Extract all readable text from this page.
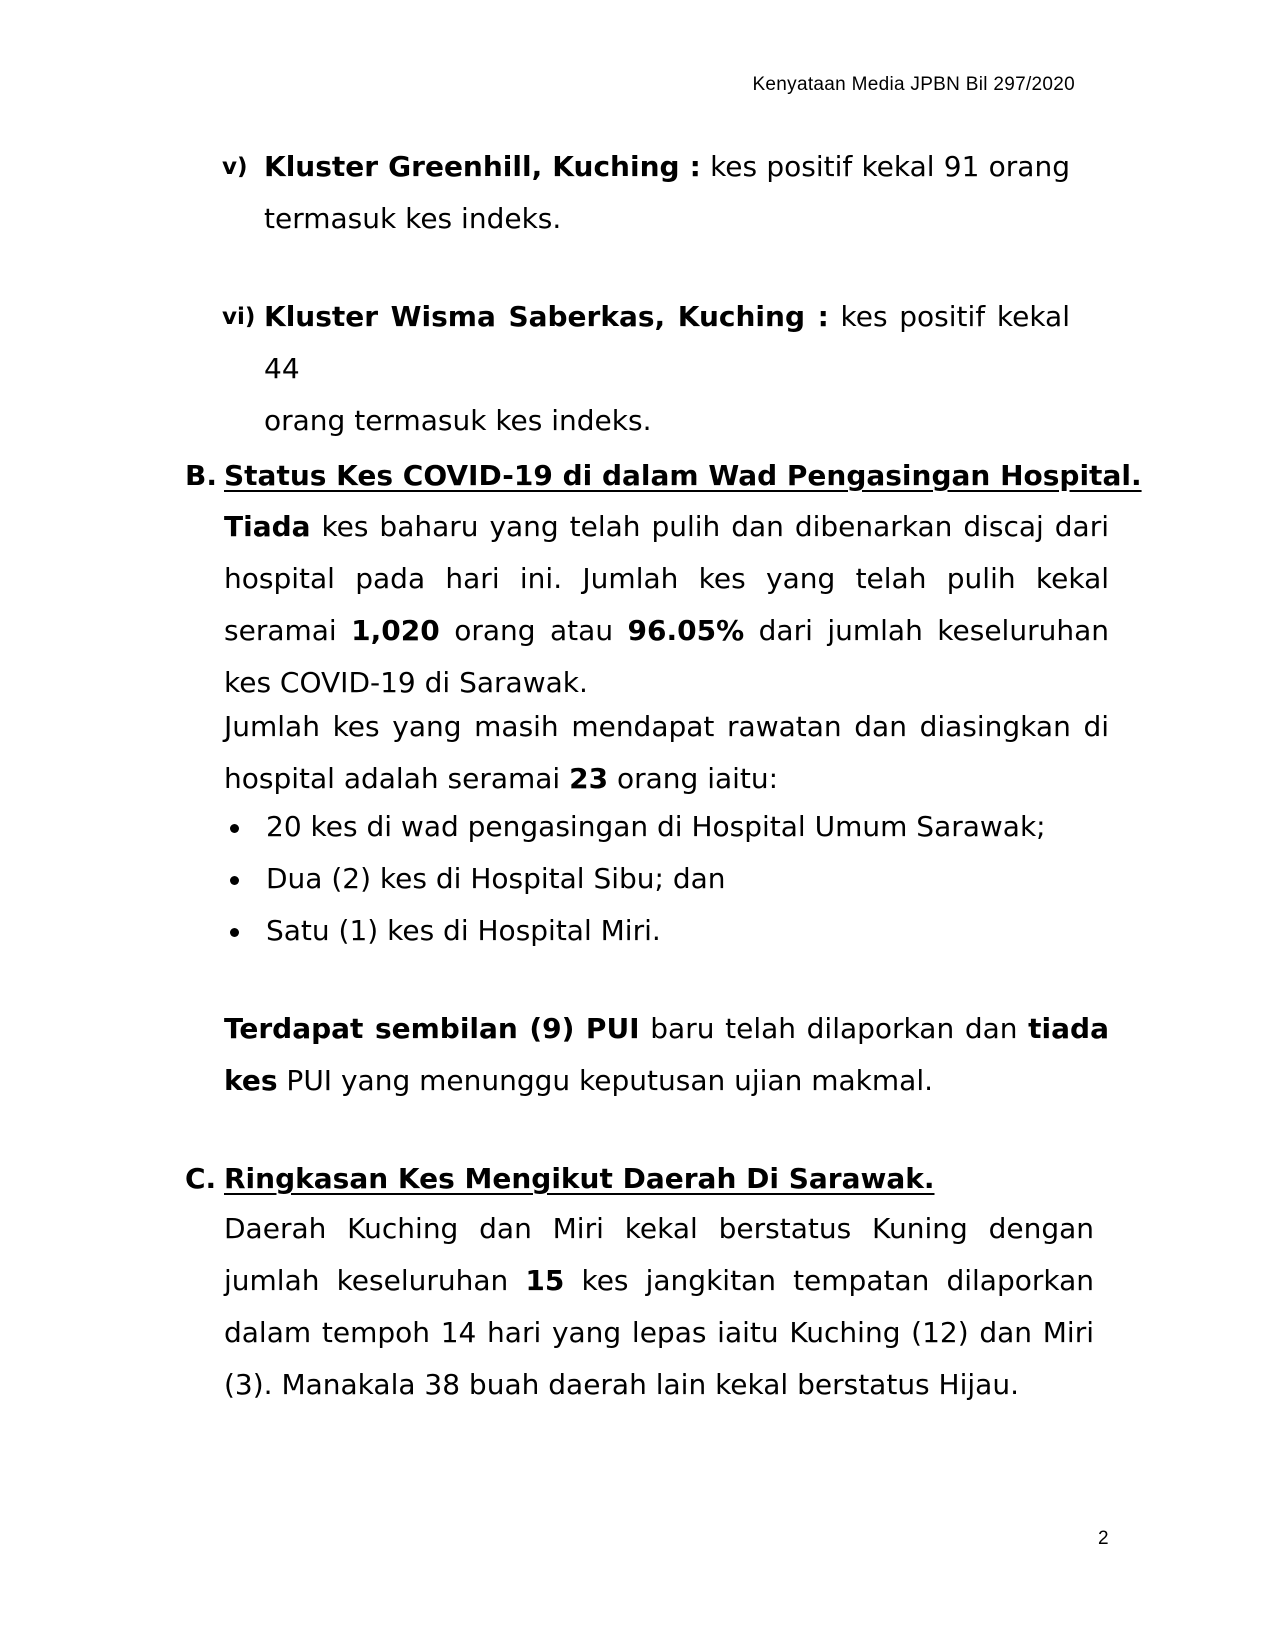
Kenyataan Media JPBN Bil 297/2020
v) Kluster Greenhill, Kuching : kes positif kekal 91 orang
termasuk kes indeks.
vi) Kluster Wisma Saberkas, Kuching : kes positif kekal 44
orang termasuk kes indeks.
B. Status Kes COVID-19 di dalam Wad Pengasingan Hospital.
Tiada kes baharu yang telah pulih dan dibenarkan discaj dari hospital pada hari ini. Jumlah kes yang telah pulih kekal seramai 1,020 orang atau 96.05% dari jumlah keseluruhan kes COVID-19 di Sarawak.
Jumlah kes yang masih mendapat rawatan dan diasingkan di hospital adalah seramai 23 orang iaitu:
20 kes di wad pengasingan di Hospital Umum Sarawak;
Dua (2) kes di Hospital Sibu; dan
Satu (1) kes di Hospital Miri.
Terdapat sembilan (9) PUI baru telah dilaporkan dan tiada kes PUI yang menunggu keputusan ujian makmal.
C. Ringkasan Kes Mengikut Daerah Di Sarawak.
Daerah Kuching dan Miri kekal berstatus Kuning dengan jumlah keseluruhan 15 kes jangkitan tempatan dilaporkan dalam tempoh 14 hari yang lepas iaitu Kuching (12) dan Miri (3). Manakala 38 buah daerah lain kekal berstatus Hijau.
2
